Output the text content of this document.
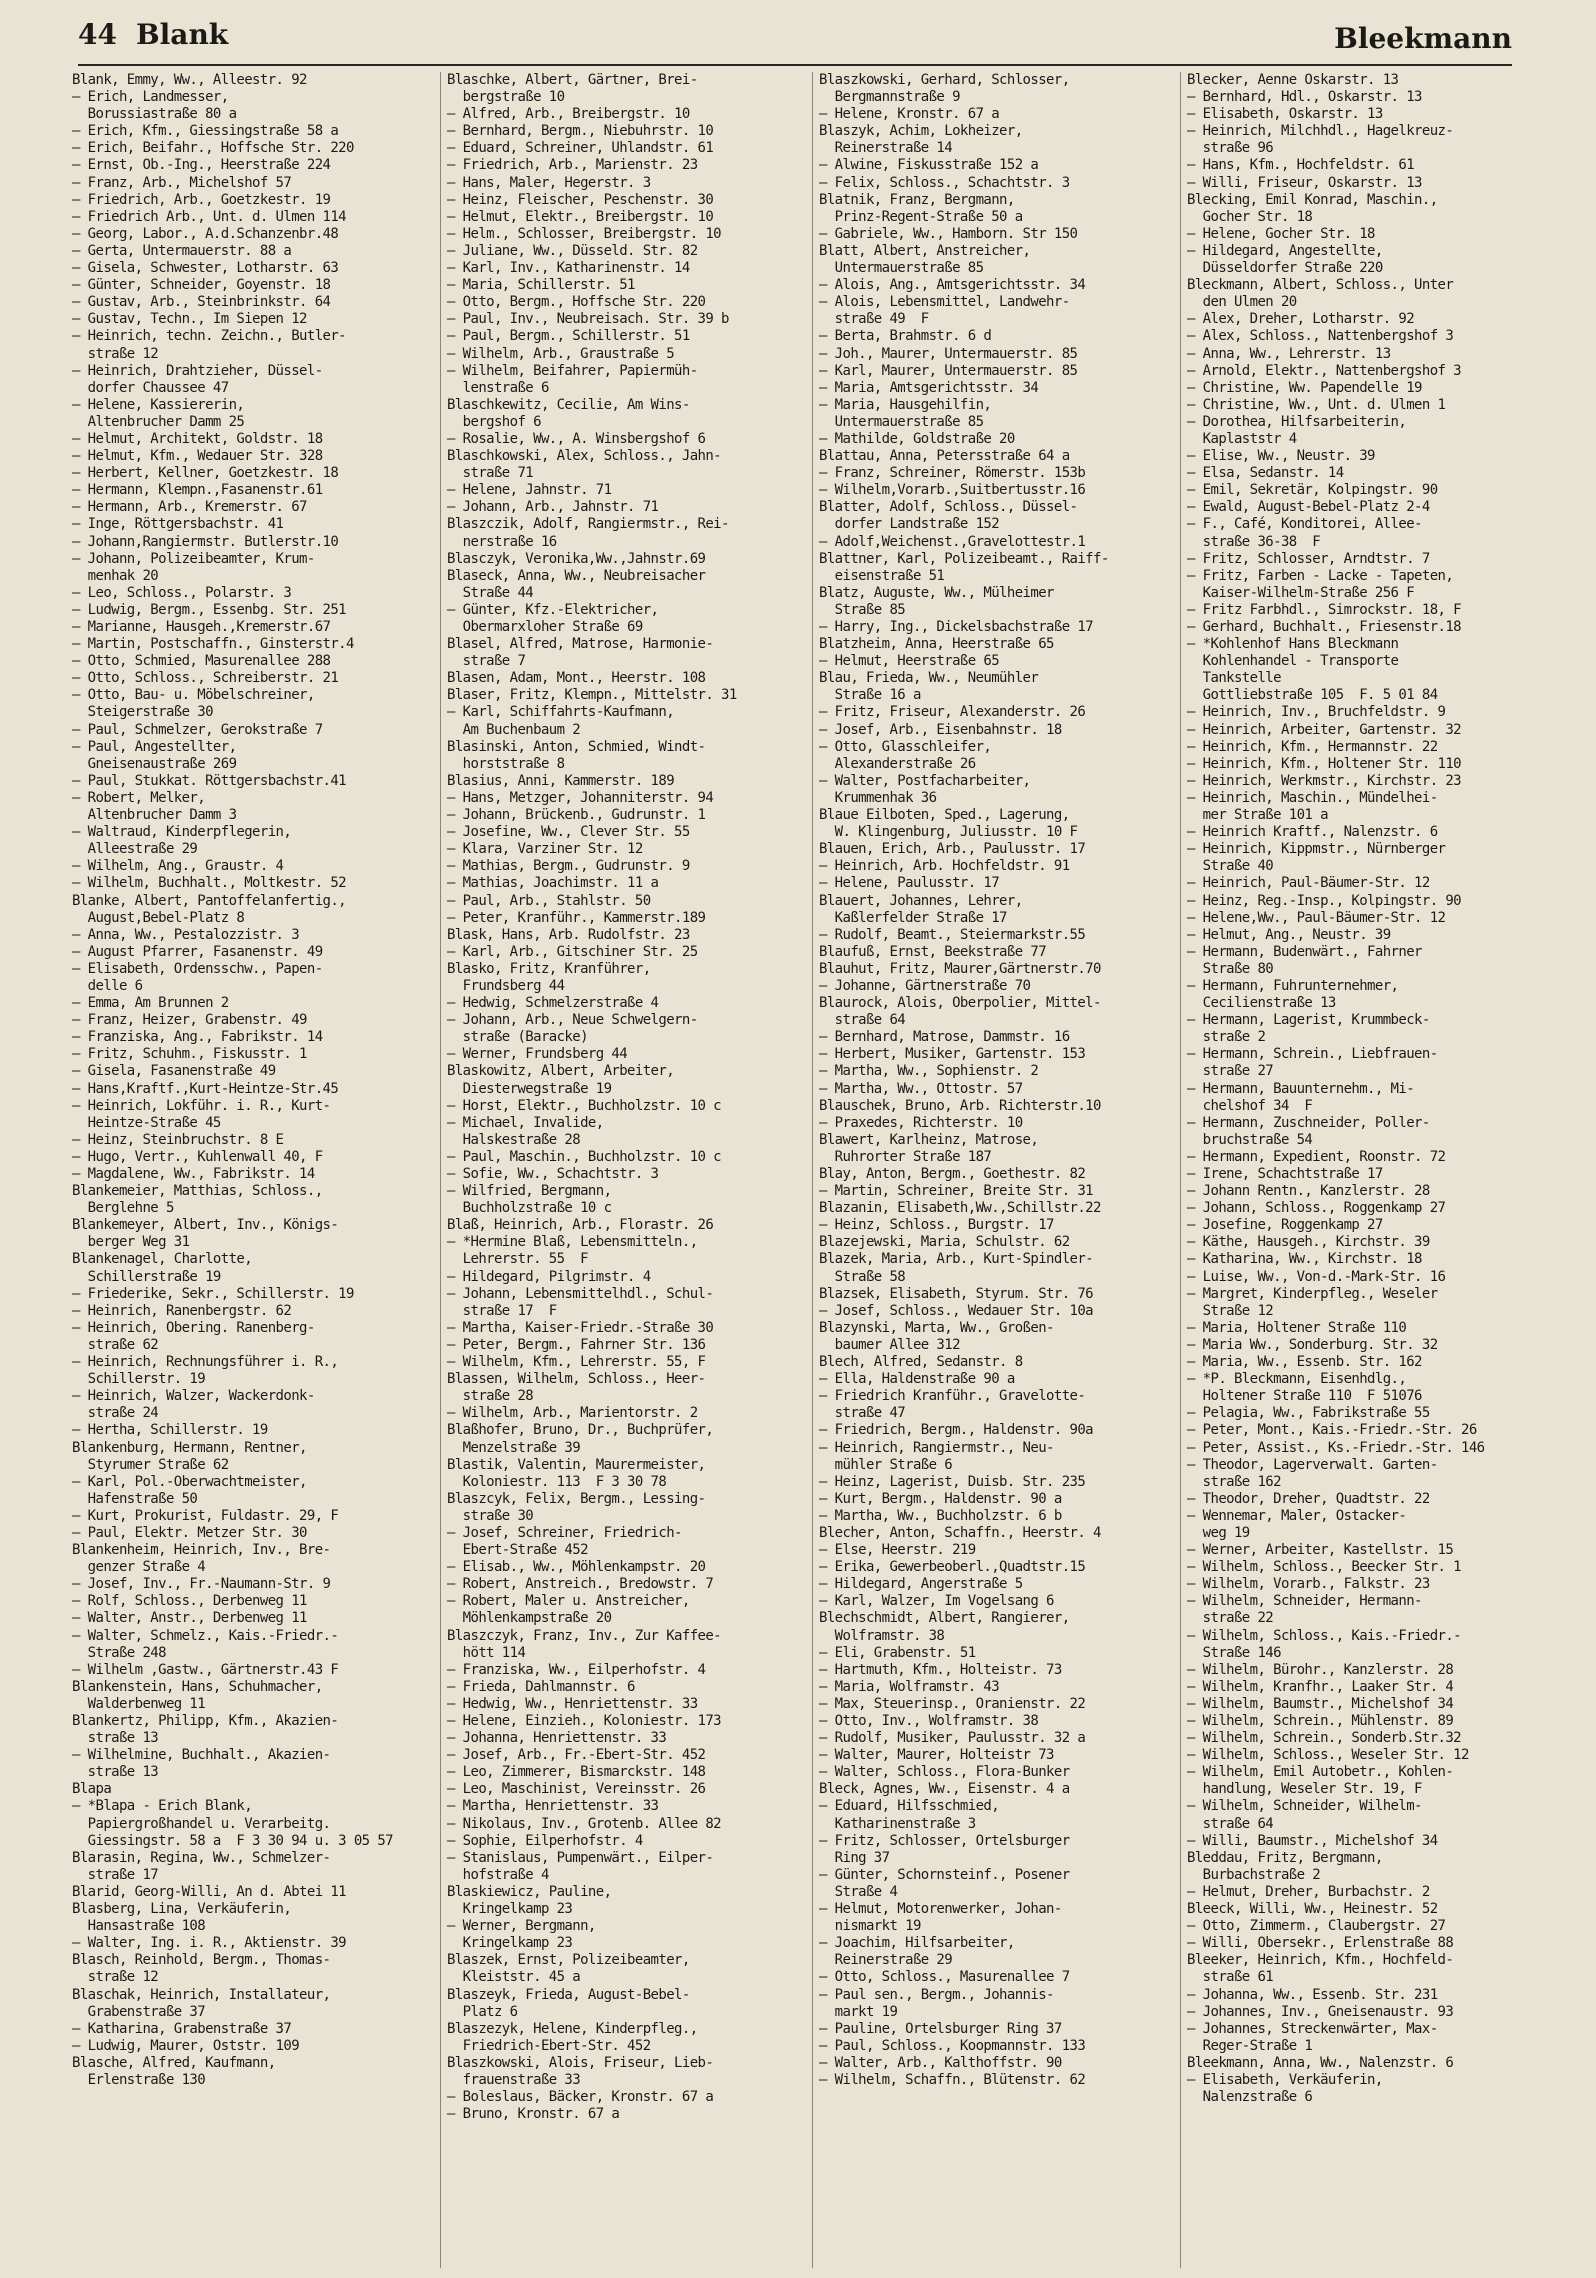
44 Blank	Bleekmann
Blank, Emmy, Ww., Alleestr. 92
— Erich, Landmesser,
Borussiastraße 80 a
— Erich, Kfm., Giessingstraße 58 a
— Erich, Beifahr., Hoffsche Str. 220
— Ernst, Ob.-Ing., Heerstraße 224
— Franz, Arb., Michelshof 57
— Friedrich, Arb., Goetzkestr. 19
— Friedrich Arb., Unt. d. Ulmen 114
— Georg, Labor., A.d.Schanzenbr.48
— Gerta, Untermauerstr. 88 a
— Gisela, Schwester, Lotharstr. 63
— Günter, Schneider, Goyenstr. 18
— Gustav, Arb., Steinbrinkstr. 64
— Gustav, Techn., Im Siepen 12
— Heinrich, techn. Zeichn., Butler-
straße 12
— Heinrich, Drahtzieher, Düssel-
dorfer Chaussee 47
— Helene, Kassiererin,
Altenbrucher Damm 25
— Helmut, Architekt, Goldstr. 18
— Helmut, Kfm., Wedauer Str. 328
— Herbert, Kellner, Goetzkestr. 18
— Hermann, Klempn.,Fasanenstr.61
— Hermann, Arb., Kremerstr. 67
— Inge, Röttgersbachstr. 41
— Johann,Rangiermstr. Butlerstr.10
— Johann, Polizeibeamter, Krum-
menhak 20
— Leo, Schloss., Polarstr. 3
— Ludwig, Bergm., Essenbg. Str. 251
— Marianne, Hausgeh.,Kremerstr.67
— Martin, Postschaffn., Ginsterstr.4
— Otto, Schmied, Masurenallee 288
— Otto, Schloss., Schreiberstr. 21
— Otto, Bau- u. Möbelschreiner,
Steigerstraße 30
— Paul, Schmelzer, Gerokstraße 7
— Paul, Angestellter,
Gneisenaustraße 269
— Paul, Stukkat. Röttgersbachstr.41
— Robert, Melker,
Altenbrucher Damm 3
— Waltraud, Kinderpflegerin,
Alleestraße 29
— Wilhelm, Ang., Graustr. 4
— Wilhelm, Buchhalt., Moltkestr. 52
Blanke, Albert, Pantoffelanfertig.,
August,Bebel-Platz 8
— Anna, Ww., Pestalozzistr. 3
— August Pfarrer, Fasanenstr. 49
— Elisabeth, Ordensschw., Papen-
delle 6
— Emma, Am Brunnen 2
— Franz, Heizer, Grabenstr. 49
— Franziska, Ang., Fabrikstr. 14
— Fritz, Schuhm., Fiskusstr. 1
— Gisela, Fasanenstraße 49
— Hans,Kraftf.,Kurt-Heintze-Str.45
— Heinrich, Lokführ. i. R., Kurt-
Heintze-Straße 45
— Heinz, Steinbruchstr. 8 E
— Hugo, Vertr., Kuhlenwall 40, F
— Magdalene, Ww., Fabrikstr. 14
Blankemeier, Matthias, Schloss.,
Berglehne 5
Blankemeyer, Albert, Inv., Königs-
berger Weg 31
Blankenagel, Charlotte,
Schillerstraße 19
— Friederike, Sekr., Schillerstr. 19
— Heinrich, Ranenbergstr. 62
— Heinrich, Obering. Ranenberg-
straße 62
— Heinrich, Rechnungsführer i. R.,
Schillerstr. 19
— Heinrich, Walzer, Wackerdonk-
straße 24
— Hertha, Schillerstr. 19
Blankenburg, Hermann, Rentner,
Styrumer Straße 62
— Karl, Pol.-Oberwachtmeister,
Hafenstraße 50
— Kurt, Prokurist, Fuldastr. 29, F
— Paul, Elektr. Metzer Str. 30
Blankenheim, Heinrich, Inv., Bre-
genzer Straße 4
— Josef, Inv., Fr.-Naumann-Str. 9
— Rolf, Schloss., Derbenweg 11
— Walter, Anstr., Derbenweg 11
— Walter, Schmelz., Kais.-Friedr.-
Straße 248
— Wilhelm ,Gastw., Gärtnerstr.43 F
Blankenstein, Hans, Schuhmacher,
Walderbenweg 11
Blankertz, Philipp, Kfm., Akazien-
straße 13
— Wilhelmine, Buchhalt., Akazien-
straße 13
Blapa
— *Blapa - Erich Blank,
Papiergroßhandel u. Verarbeitg.
Giessingstr. 58 a  F 3 30 94 u. 3 05 57
Blarasin, Regina, Ww., Schmelzer-
straße 17
Blarid, Georg-Willi, An d. Abtei 11
Blasberg, Lina, Verkäuferin,
Hansastraße 108
— Walter, Ing. i. R., Aktienstr. 39
Blasch, Reinhold, Bergm., Thomas-
straße 12
Blaschak, Heinrich, Installateur,
Grabenstraße 37
— Katharina, Grabenstraße 37
— Ludwig, Maurer, Oststr. 109
Blasche, Alfred, Kaufmann,
Erlenstraße 130
Blaschke, Albert, Gärtner, Brei-
bergstraße 10
— Alfred, Arb., Breibergstr. 10
— Bernhard, Bergm., Niebuhrstr. 10
— Eduard, Schreiner, Uhlandstr. 61
— Friedrich, Arb., Marienstr. 23
— Hans, Maler, Hegerstr. 3
— Heinz, Fleischer, Peschenstr. 30
— Helmut, Elektr., Breibergstr. 10
— Helm., Schlosser, Breibergstr. 10
— Juliane, Ww., Düsseld. Str. 82
— Karl, Inv., Katharinenstr. 14
— Maria, Schillerstr. 51
— Otto, Bergm., Hoffsche Str. 220
— Paul, Inv., Neubreisach. Str. 39 b
— Paul, Bergm., Schillerstr. 51
— Wilhelm, Arb., Graustraße 5
— Wilhelm, Beifahrer, Papiermüh-
lenstraße 6
Blaschkewitz, Cecilie, Am Wins-
bergshof 6
— Rosalie, Ww., A. Winsbergshof 6
Blaschkowski, Alex, Schloss., Jahn-
straße 71
— Helene, Jahnstr. 71
— Johann, Arb., Jahnstr. 71
Blaszczik, Adolf, Rangiermstr., Rei-
nerstraße 16
Blasczyk, Veronika,Ww.,Jahnstr.69
Blaseck, Anna, Ww., Neubreisacher
Straße 44
— Günter, Kfz.-Elektricher,
Obermarxloher Straße 69
Blasel, Alfred, Matrose, Harmonie-
straße 7
Blasen, Adam, Mont., Heerstr. 108
Blaser, Fritz, Klempn., Mittelstr. 31
— Karl, Schiffahrts-Kaufmann,
Am Buchenbaum 2
Blasinski, Anton, Schmied, Windt-
horststraße 8
Blasius, Anni, Kammerstr. 189
— Hans, Metzger, Johanniterstr. 94
— Johann, Brückenb., Gudrunstr. 1
— Josefine, Ww., Clever Str. 55
— Klara, Varziner Str. 12
— Mathias, Bergm., Gudrunstr. 9
— Mathias, Joachimstr. 11 a
— Paul, Arb., Stahlstr. 50
— Peter, Kranführ., Kammerstr.189
Blask, Hans, Arb. Rudolfstr. 23
— Karl, Arb., Gitschiner Str. 25
Blasko, Fritz, Kranführer,
Frundsberg 44
— Hedwig, Schmelzerstraße 4
— Johann, Arb., Neue Schwelgern-
straße (Baracke)
— Werner, Frundsberg 44
Blaskowitz, Albert, Arbeiter,
Diesterwegstraße 19
— Horst, Elektr., Buchholzstr. 10 c
— Michael, Invalide,
Halskestraße 28
— Paul, Maschin., Buchholzstr. 10 c
— Sofie, Ww., Schachtstr. 3
— Wilfried, Bergmann,
Buchholzstraße 10 c
Blaß, Heinrich, Arb., Florastr. 26
— *Hermine Blaß, Lebensmitteln.,
Lehrerstr. 55  F
— Hildegard, Pilgrimstr. 4
— Johann, Lebensmittelhdl., Schul-
straße 17  F
— Martha, Kaiser-Friedr.-Straße 30
— Peter, Bergm., Fahrner Str. 136
— Wilhelm, Kfm., Lehrerstr. 55, F
Blassen, Wilhelm, Schloss., Heer-
straße 28
— Wilhelm, Arb., Marientorstr. 2
Blaßhofer, Bruno, Dr., Buchprüfer,
Menzelstraße 39
Blastik, Valentin, Maurermeister,
Koloniestr. 113  F 3 30 78
Blaszcyk, Felix, Bergm., Lessing-
straße 30
— Josef, Schreiner, Friedrich-
Ebert-Straße 452
— Elisab., Ww., Möhlenkampstr. 20
— Robert, Anstreich., Bredowstr. 7
— Robert, Maler u. Anstreicher,
Möhlenkampstraße 20
Blaszczyk, Franz, Inv., Zur Kaffee-
hött 114
— Franziska, Ww., Eilperhofstr. 4
— Frieda, Dahlmannstr. 6
— Hedwig, Ww., Henriettenstr. 33
— Helene, Einzieh., Koloniestr. 173
— Johanna, Henriettenstr. 33
— Josef, Arb., Fr.-Ebert-Str. 452
— Leo, Zimmerer, Bismarckstr. 148
— Leo, Maschinist, Vereinsstr. 26
— Martha, Henriettenstr. 33
— Nikolaus, Inv., Grotenb. Allee 82
— Sophie, Eilperhofstr. 4
— Stanislaus, Pumpenwärt., Eilper-
hofstraße 4
Blaskiewicz, Pauline,
Kringelkamp 23
— Werner, Bergmann,
Kringelkamp 23
Blaszek, Ernst, Polizeibeamter,
Kleiststr. 45 a
Blaszeyk, Frieda, August-Bebel-
Platz 6
Blaszezyk, Helene, Kinderpfleg.,
Friedrich-Ebert-Str. 452
Blaszkowski, Alois, Friseur, Lieb-
frauenstraße 33
— Boleslaus, Bäcker, Kronstr. 67 a
— Bruno, Kronstr. 67 a
Blaszkowski, Gerhard, Schlosser,
Bergmannstraße 9
— Helene, Kronstr. 67 a
Blaszyk, Achim, Lokheizer,
Reinerstraße 14
— Alwine, Fiskusstraße 152 a
— Felix, Schloss., Schachtstr. 3
Blatnik, Franz, Bergmann,
Prinz-Regent-Straße 50 a
— Gabriele, Ww., Hamborn. Str 150
Blatt, Albert, Anstreicher,
Untermauerstraße 85
— Alois, Ang., Amtsgerichtsstr. 34
— Alois, Lebensmittel, Landwehr-
straße 49  F
— Berta, Brahmstr. 6 d
— Joh., Maurer, Untermauerstr. 85
— Karl, Maurer, Untermauerstr. 85
— Maria, Amtsgerichtsstr. 34
— Maria, Hausgehilfin,
Untermauerstraße 85
— Mathilde, Goldstraße 20
Blattau, Anna, Petersstraße 64 a
— Franz, Schreiner, Römerstr. 153b
— Wilhelm,Vorarb.,Suitbertusstr.16
Blatter, Adolf, Schloss., Düssel-
dorfer Landstraße 152
— Adolf,Weichenst.,Gravelottestr.1
Blattner, Karl, Polizeibeamt., Raiff-
eisenstraße 51
Blatz, Auguste, Ww., Mülheimer
Straße 85
— Harry, Ing., Dickelsbachstraße 17
Blatzheim, Anna, Heerstraße 65
— Helmut, Heerstraße 65
Blau, Frieda, Ww., Neumühler
Straße 16 a
— Fritz, Friseur, Alexanderstr. 26
— Josef, Arb., Eisenbahnstr. 18
— Otto, Glasschleifer,
Alexanderstraße 26
— Walter, Postfacharbeiter,
Krummenhak 36
Blaue Eilboten, Sped., Lagerung,
W. Klingenburg, Juliusstr. 10 F
Blauen, Erich, Arb., Paulusstr. 17
— Heinrich, Arb. Hochfeldstr. 91
— Helene, Paulusstr. 17
Blauert, Johannes, Lehrer,
Kaßlerfelder Straße 17
— Rudolf, Beamt., Steiermarkstr.55
Blaufuß, Ernst, Beekstraße 77
Blauhut, Fritz, Maurer,Gärtnerstr.70
— Johanne, Gärtnerstraße 70
Blaurock, Alois, Oberpolier, Mittel-
straße 64
— Bernhard, Matrose, Dammstr. 16
— Herbert, Musiker, Gartenstr. 153
— Martha, Ww., Sophienstr. 2
— Martha, Ww., Ottostr. 57
Blauschek, Bruno, Arb. Richterstr.10
— Praxedes, Richterstr. 10
Blawert, Karlheinz, Matrose,
Ruhrorter Straße 187
Blay, Anton, Bergm., Goethestr. 82
— Martin, Schreiner, Breite Str. 31
Blazanin, Elisabeth,Ww.,Schillstr.22
— Heinz, Schloss., Burgstr. 17
Blazejewski, Maria, Schulstr. 62
Blazek, Maria, Arb., Kurt-Spindler-
Straße 58
Blazsek, Elisabeth, Styrum. Str. 76
— Josef, Schloss., Wedauer Str. 10a
Blazynski, Marta, Ww., Großen-
baumer Allee 312
Blech, Alfred, Sedanstr. 8
— Ella, Haldenstraße 90 a
— Friedrich Kranführ., Gravelotte-
straße 47
— Friedrich, Bergm., Haldenstr. 90a
— Heinrich, Rangiermstr., Neu-
mühler Straße 6
— Heinz, Lagerist, Duisb. Str. 235
— Kurt, Bergm., Haldenstr. 90 a
— Martha, Ww., Buchholzstr. 6 b
Blecher, Anton, Schaffn., Heerstr. 4
— Else, Heerstr. 219
— Erika, Gewerbeoberl.,Quadtstr.15
— Hildegard, Angerstraße 5
— Karl, Walzer, Im Vogelsang 6
Blechschmidt, Albert, Rangierer,
Wolframstr. 38
— Eli, Grabenstr. 51
— Hartmuth, Kfm., Holteistr. 73
— Maria, Wolframstr. 43
— Max, Steuerinsp., Oranienstr. 22
— Otto, Inv., Wolframstr. 38
— Rudolf, Musiker, Paulusstr. 32 a
— Walter, Maurer, Holteistr 73
— Walter, Schloss., Flora-Bunker
Bleck, Agnes, Ww., Eisenstr. 4 a
— Eduard, Hilfsschmied,
Katharinenstraße 3
— Fritz, Schlosser, Ortelsburger
Ring 37
— Günter, Schornsteinf., Posener
Straße 4
— Helmut, Motorenwerker, Johan-
nismarkt 19
— Joachim, Hilfsarbeiter,
Reinerstraße 29
— Otto, Schloss., Masurenallee 7
— Paul sen., Bergm., Johannis-
markt 19
— Pauline, Ortelsburger Ring 37
— Paul, Schloss., Koopmannstr. 133
— Walter, Arb., Kalthoffstr. 90
— Wilhelm, Schaffn., Blütenstr. 62
Blecker, Aenne Oskarstr. 13
— Bernhard, Hdl., Oskarstr. 13
— Elisabeth, Oskarstr. 13
— Heinrich, Milchhdl., Hagelkreuz-
straße 96
— Hans, Kfm., Hochfeldstr. 61
— Willi, Friseur, Oskarstr. 13
Blecking, Emil Konrad, Maschin.,
Gocher Str. 18
— Helene, Gocher Str. 18
— Hildegard, Angestellte,
Düsseldorfer Straße 220
Bleckmann, Albert, Schloss., Unter
den Ulmen 20
— Alex, Dreher, Lotharstr. 92
— Alex, Schloss., Nattenbergshof 3
— Anna, Ww., Lehrerstr. 13
— Arnold, Elektr., Nattenbergshof 3
— Christine, Ww. Papendelle 19
— Christine, Ww., Unt. d. Ulmen 1
— Dorothea, Hilfsarbeiterin,
Kaplaststr 4
— Elise, Ww., Neustr. 39
— Elsa, Sedanstr. 14
— Emil, Sekretär, Kolpingstr. 90
— Ewald, August-Bebel-Platz 2-4
— F., Café, Konditorei, Allee-
straße 36-38  F
— Fritz, Schlosser, Arndtstr. 7
— Fritz, Farben - Lacke - Tapeten,
Kaiser-Wilhelm-Straße 256 F
— Fritz Farbhdl., Simrockstr. 18, F
— Gerhard, Buchhalt., Friesenstr.18
— *Kohlenhof Hans Bleckmann
Kohlenhandel - Transporte
Tankstelle
Gottliebstraße 105  F. 5 01 84
— Heinrich, Inv., Bruchfeldstr. 9
— Heinrich, Arbeiter, Gartenstr. 32
— Heinrich, Kfm., Hermannstr. 22
— Heinrich, Kfm., Holtener Str. 110
— Heinrich, Werkmstr., Kirchstr. 23
— Heinrich, Maschin., Mündelhei-
mer Straße 101 a
— Heinrich Kraftf., Nalenzstr. 6
— Heinrich, Kippmstr., Nürnberger
Straße 40
— Heinrich, Paul-Bäumer-Str. 12
— Heinz, Reg.-Insp., Kolpingstr. 90
— Helene,Ww., Paul-Bäumer-Str. 12
— Helmut, Ang., Neustr. 39
— Hermann, Budenwärt., Fahrner
Straße 80
— Hermann, Fuhrunternehmer,
Cecilienstraße 13
— Hermann, Lagerist, Krummbeck-
straße 2
— Hermann, Schrein., Liebfrauen-
straße 27
— Hermann, Bauunternehm., Mi-
chelshof 34  F
— Hermann, Zuschneider, Poller-
bruchstraße 54
— Hermann, Expedient, Roonstr. 72
— Irene, Schachtstraße 17
— Johann Rentn., Kanzlerstr. 28
— Johann, Schloss., Roggenkamp 27
— Josefine, Roggenkamp 27
— Käthe, Hausgeh., Kirchstr. 39
— Katharina, Ww., Kirchstr. 18
— Luise, Ww., Von-d.-Mark-Str. 16
— Margret, Kinderpfleg., Weseler
Straße 12
— Maria, Holtener Straße 110
— Maria Ww., Sonderburg. Str. 32
— Maria, Ww., Essenb. Str. 162
— *P. Bleckmann, Eisenhdlg.,
Holtener Straße 110  F 51076
— Pelagia, Ww., Fabrikstraße 55
— Peter, Mont., Kais.-Friedr.-Str. 26
— Peter, Assist., Ks.-Friedr.-Str. 146
— Theodor, Lagerverwalt. Garten-
straße 162
— Theodor, Dreher, Quadtstr. 22
— Wennemar, Maler, Ostacker-
weg 19
— Werner, Arbeiter, Kastellstr. 15
— Wilhelm, Schloss., Beecker Str. 1
— Wilhelm, Vorarb., Falkstr. 23
— Wilhelm, Schneider, Hermann-
straße 22
— Wilhelm, Schloss., Kais.-Friedr.-
Straße 146
— Wilhelm, Bürohr., Kanzlerstr. 28
— Wilhelm, Kranfhr., Laaker Str. 4
— Wilhelm, Baumstr., Michelshof 34
— Wilhelm, Schrein., Mühlenstr. 89
— Wilhelm, Schrein., Sonderb.Str.32
— Wilhelm, Schloss., Weseler Str. 12
— Wilhelm, Emil Autobetr., Kohlen-
handlung, Weseler Str. 19, F
— Wilhelm, Schneider, Wilhelm-
straße 64
— Willi, Baumstr., Michelshof 34
Bleddau, Fritz, Bergmann,
Burbachstraße 2
— Helmut, Dreher, Burbachstr. 2
Bleeck, Willi, Ww., Heinestr. 52
— Otto, Zimmerm., Claubergstr. 27
— Willi, Obersekr., Erlenstraße 88
Bleeker, Heinrich, Kfm., Hochfeld-
straße 61
— Johanna, Ww., Essenb. Str. 231
— Johannes, Inv., Gneisenaustr. 93
— Johannes, Streckenwärter, Max-
Reger-Straße 1
Bleekmann, Anna, Ww., Nalenzstr. 6
— Elisabeth, Verkäuferin,
Nalenzstraße 6
